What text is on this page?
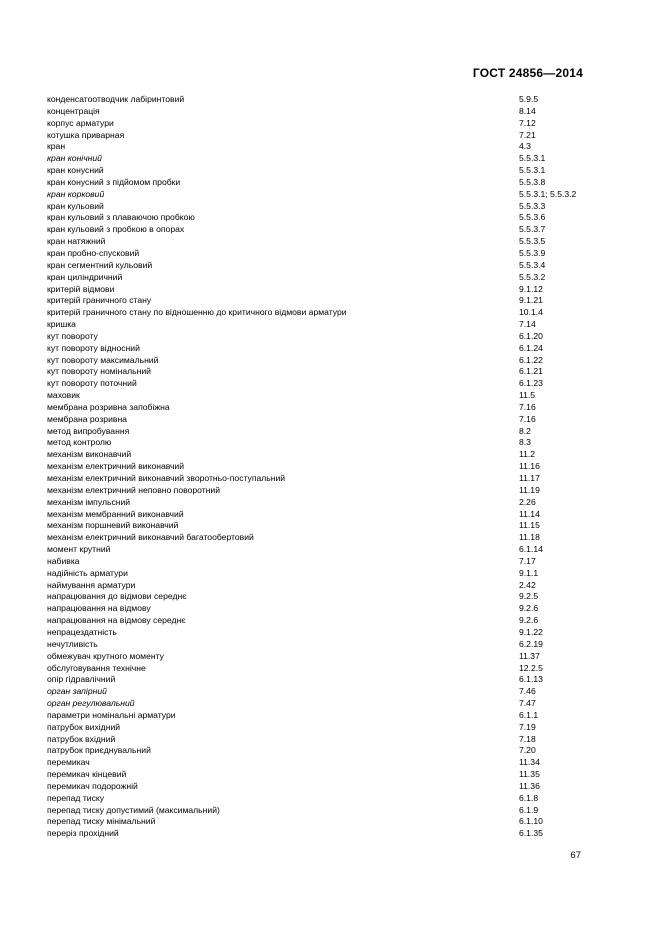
ГОСТ 24856—2014
конденсатоотводчик лабіринтовий	5.9.5
концентрація	8.14
корпус арматури	7.12
котушка приварная	7.21
кран	4.3
кран конічний	5.5.3.1
кран конусний	5.5.3.1
кран конусний з підйомом пробки	5.5.3.8
кран корковий	5.5.3.1; 5.5.3.2
кран кульовий	5.5.3.3
кран кульовий з плаваючою пробкою	5.5.3.6
кран кульовий з пробкою в опорах	5.5.3.7
кран натяжний	5.5.3.5
кран пробно-спусковий	5.5.3.9
кран сегментний кульовий	5.5.3.4
кран циліндричний	5.5.3.2
критерій відмови	9.1.12
критерій граничного стану	9.1.21
критерій граничного стану по відношенню до критичного відмови арматури	10.1.4
кришка	7.14
кут повороту	6.1.20
кут повороту відносний	6.1.24
кут повороту максимальний	6.1.22
кут повороту номінальний	6.1.21
кут повороту поточний	6.1.23
маховик	11.5
мембрана розривна запобіжна	7.16
мембрана розривна	7.16
метод випробування	8.2
метод контролю	8.3
механізм виконавчий	11.2
механізм електричний виконавчий	11.16
механізм електричний виконавчий зворотньо-поступальний	11.17
механізм електричний неповно поворотний	11.19
механізм імпульсний	2.26
механізм мембранний виконавчий	11.14
механізм поршневий виконавчий	11.15
механізм електричний виконавчий багатообертовий	11.18
момент крутний	6.1.14
набивка	7.17
надійність арматури	9.1.1
наймування арматури	2.42
напрацювання до відмови середнє	9.2.5
напрацювання на відмову	9.2.6
напрацювання на відмову середнє	9.2.6
непрацездатність	9.1.22
нечутливість	6.2.19
обмежувач крутного моменту	11.37
обслуговування технічне	12.2.5
опір гідравлічний	6.1.13
орган запірний	7.46
орган регулювальний	7.47
параметри номінальні арматури	6.1.1
патрубок вихідний	7.19
патрубок вхідний	7.18
патрубок приєднувальний	7.20
перемикач	11.34
перемикач кінцевий	11.35
перемикач подорожній	11.36
перепад тиску	6.1.8
перепад тиску допустимий (максимальний)	6.1.9
перепад тиску мінімальний	6.1.10
переріз прохідний	6.1.35
67
